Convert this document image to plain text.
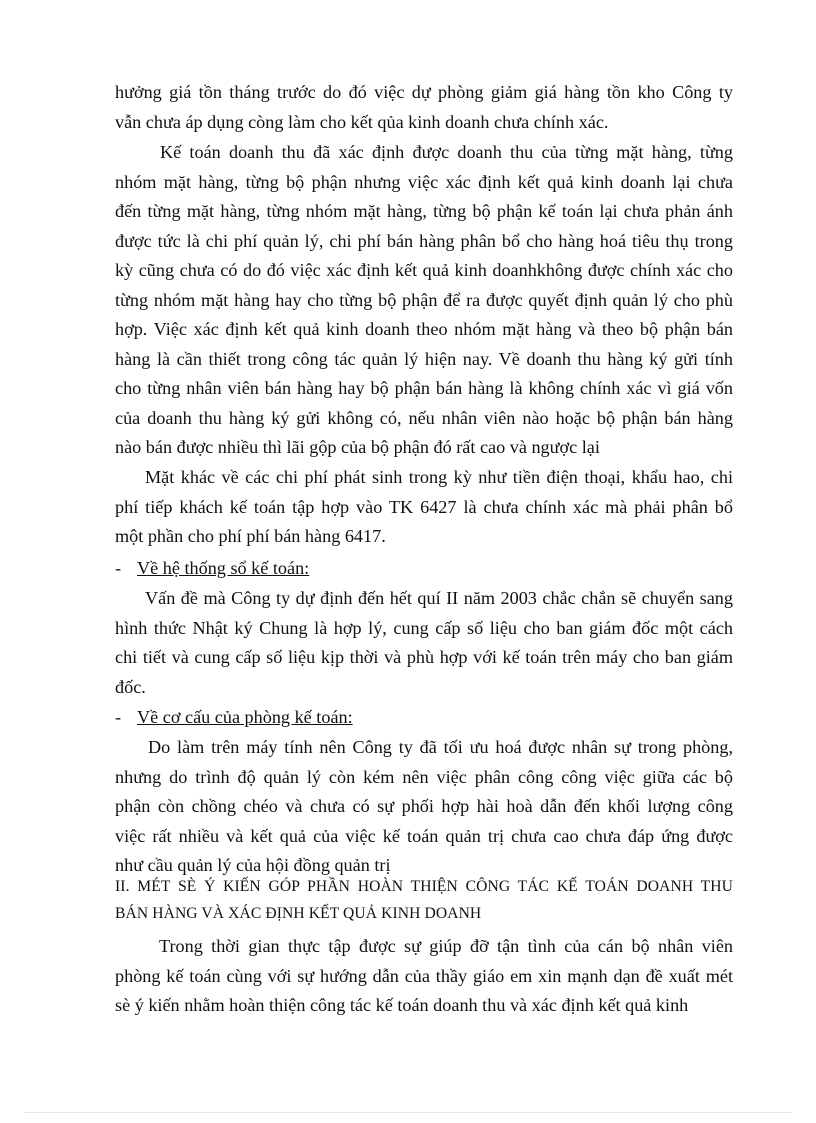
hưởng giá tồn tháng trước do đó việc dự phòng giảm giá hàng tồn kho Công ty
vẫn chưa áp dụng còng làm cho kết qủa kinh doanh chưa chính xác.
Kế toán doanh thu đã xác định được doanh thu của từng mặt hàng, từng
nhóm mặt hàng, từng bộ phận nhưng việc xác định kết quả kinh doanh lại chưa
đến từng mặt hàng, từng nhóm mặt hàng, từng bộ phận kế toán lại chưa phản ánh
được tức là chi phí quản lý, chi phí bán hàng phân bổ cho hàng hoá tiêu thụ trong
kỳ cũng chưa có do đó việc xác định kết quả kinh doanhkhông được chính xác cho
từng nhóm mặt hàng hay cho từng bộ phận để ra được quyết định quản lý cho phù
hợp. Việc xác định kết quả kinh doanh theo nhóm mặt hàng và theo bộ phận bán
hàng là cần thiết trong công tác quản lý hiện nay. Về doanh thu hàng ký gửi tính
cho từng nhân viên bán hàng hay bộ phận bán hàng là không chính xác vì giá vốn
của doanh thu hàng ký gửi không có, nếu nhân viên nào hoặc bộ phận bán hàng
nào bán được nhiều thì lãi gộp của bộ phận đó rất cao và ngược lại
Mặt khác về các chi phí phát sinh trong kỳ như tiền điện thoại, khẩu hao, chi
phí tiếp khách kế toán tập hợp vào TK 6427 là chưa chính xác mà phải phân bổ
một phần cho phí phí bán hàng 6417.
- Về hệ thống sổ kế toán:
Vấn đề mà Công ty dự định đến hết quí II năm 2003 chắc chắn sẽ chuyển sang
hình thức Nhật ký Chung là hợp lý, cung cấp số liệu cho ban giám đốc một cách
chi tiết và cung cấp số liệu kịp thời và phù hợp với kế toán trên máy cho ban giám
đốc.
- Về cơ cấu của phòng kế toán:
Do làm trên máy tính nên Công ty đã tối ưu hoá được nhân sự trong phòng,
nhưng do trình độ quản lý còn kém nên việc phân công công việc giữa các bộ
phận còn chồng chéo và chưa có sự phối hợp hài hoà dẫn đến khối lượng công
việc rất nhiều và kết quả của việc kế toán quản trị chưa cao chưa đáp ứng được
như cầu quản lý của hội đồng quản trị
II. MÉT SÈ Ý KIẾN GÓP PHẦN HOÀN THIỆN CÔNG TÁC KẾ TOÁN DOANH THU
BÁN HÀNG VÀ XÁC ĐỊNH KẾT QUẢ KINH DOANH
Trong thời gian thực tập được sự giúp đỡ tận tình của cán bộ nhân viên
phòng kế toán cùng với sự hướng dẫn của thầy giáo em xin mạnh dạn đề xuất mét
sè ý kiến nhằm hoàn thiện công tác kế toán doanh thu và xác định kết quả kinh
